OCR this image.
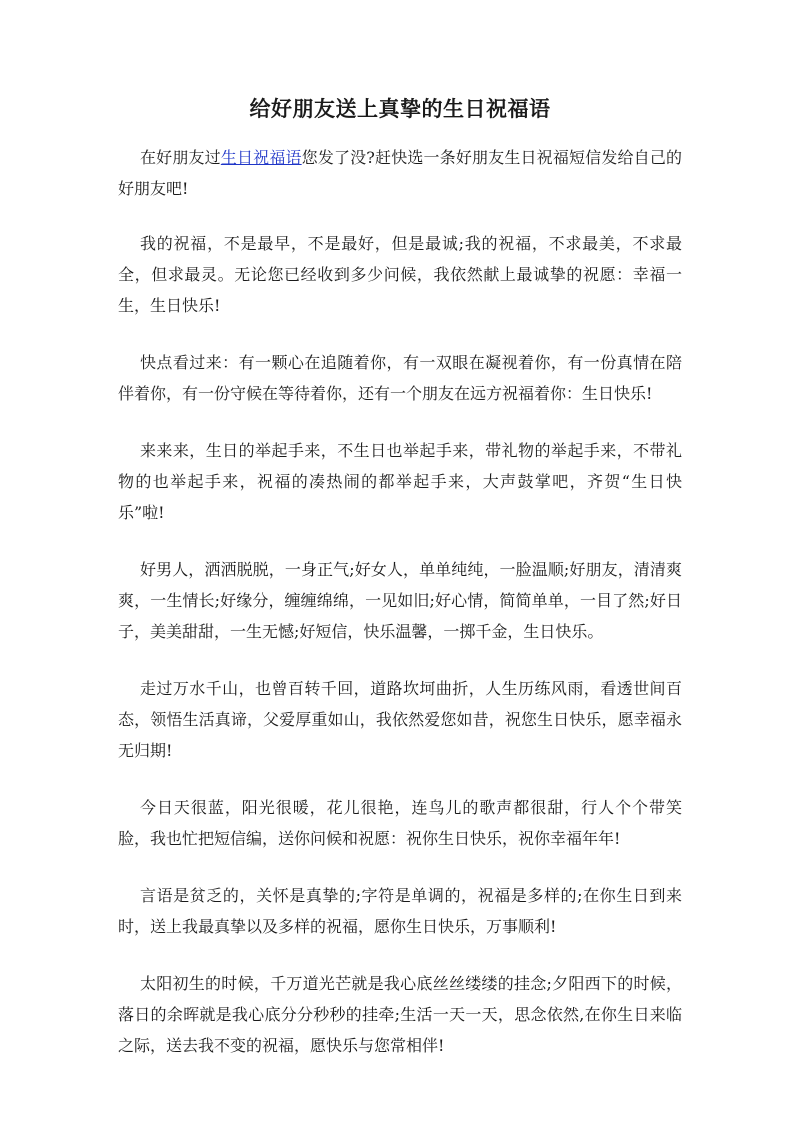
给好朋友送上真挚的生日祝福语

在好朋友过生日祝福语您发了没?赶快选一条好朋友生日祝福短信发给自己的好朋友吧!

我的祝福，不是最早，不是最好，但是最诚;我的祝福，不求最美，不求最全，但求最灵。无论您已经收到多少问候，我依然献上最诚挚的祝愿：幸福一生，生日快乐!

快点看过来：有一颗心在追随着你，有一双眼在凝视着你，有一份真情在陪伴着你，有一份守候在等待着你，还有一个朋友在远方祝福着你：生日快乐!

来来来，生日的举起手来，不生日也举起手来，带礼物的举起手来，不带礼物的也举起手来，祝福的凑热闹的都举起手来，大声鼓掌吧，齐贺“生日快乐”啦!

好男人，洒洒脱脱，一身正气;好女人，单单纯纯，一脸温顺;好朋友，清清爽爽，一生情长;好缘分，缠缠绵绵，一见如旧;好心情，简简单单，一目了然;好日子，美美甜甜，一生无憾;好短信，快乐温馨，一掷千金，生日快乐。

走过万水千山，也曾百转千回，道路坎坷曲折，人生历练风雨，看透世间百态，领悟生活真谛，父爱厚重如山，我依然爱您如昔，祝您生日快乐，愿幸福永无归期!

今日天很蓝，阳光很暖，花儿很艳，连鸟儿的歌声都很甜，行人个个带笑脸，我也忙把短信编，送你问候和祝愿：祝你生日快乐，祝你幸福年年!

言语是贫乏的，关怀是真挚的;字符是单调的，祝福是多样的;在你生日到来时，送上我最真挚以及多样的祝福，愿你生日快乐，万事顺利!

太阳初生的时候，千万道光芒就是我心底丝丝缕缕的挂念;夕阳西下的时候，落日的余晖就是我心底分分秒秒的挂牵;生活一天一天，思念依然,在你生日来临之际，送去我不变的祝福，愿快乐与您常相伴!
